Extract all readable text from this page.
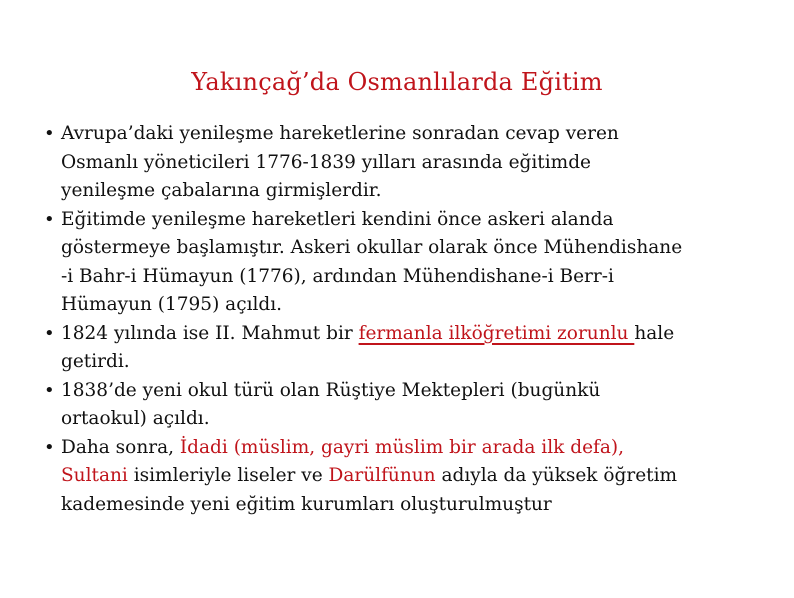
Yakınçağ’da Osmanlılarda Eğitim
• Avrupa’daki yenileşme hareketlerine sonradan cevap veren
Osmanlı yöneticileri 1776-1839 yılları arasında eğitimde
yenileşme çabalarına girmişlerdir.
• Eğitimde yenileşme hareketleri kendini önce askeri alanda
göstermeye başlamıştır. Askeri okullar olarak önce Mühendishane
-i Bahr-i Hümayun (1776), ardından Mühendishane-i Berr-i
Hümayun (1795) açıldı.
• 1824 yılında ise II. Mahmut bir fermanla ilköğretimi zorunlu hale
getirdi.
• 1838’de yeni okul türü olan Rüştiye Mektepleri (bugünkü
ortaokul) açıldı.
• Daha sonra, İdadi (müslim, gayri müslim bir arada ilk defa),
Sultani isimleriyle liseler ve Darülfünun adıyla da yüksek öğretim
kademesinde yeni eğitim kurumları oluşturulmuştur
